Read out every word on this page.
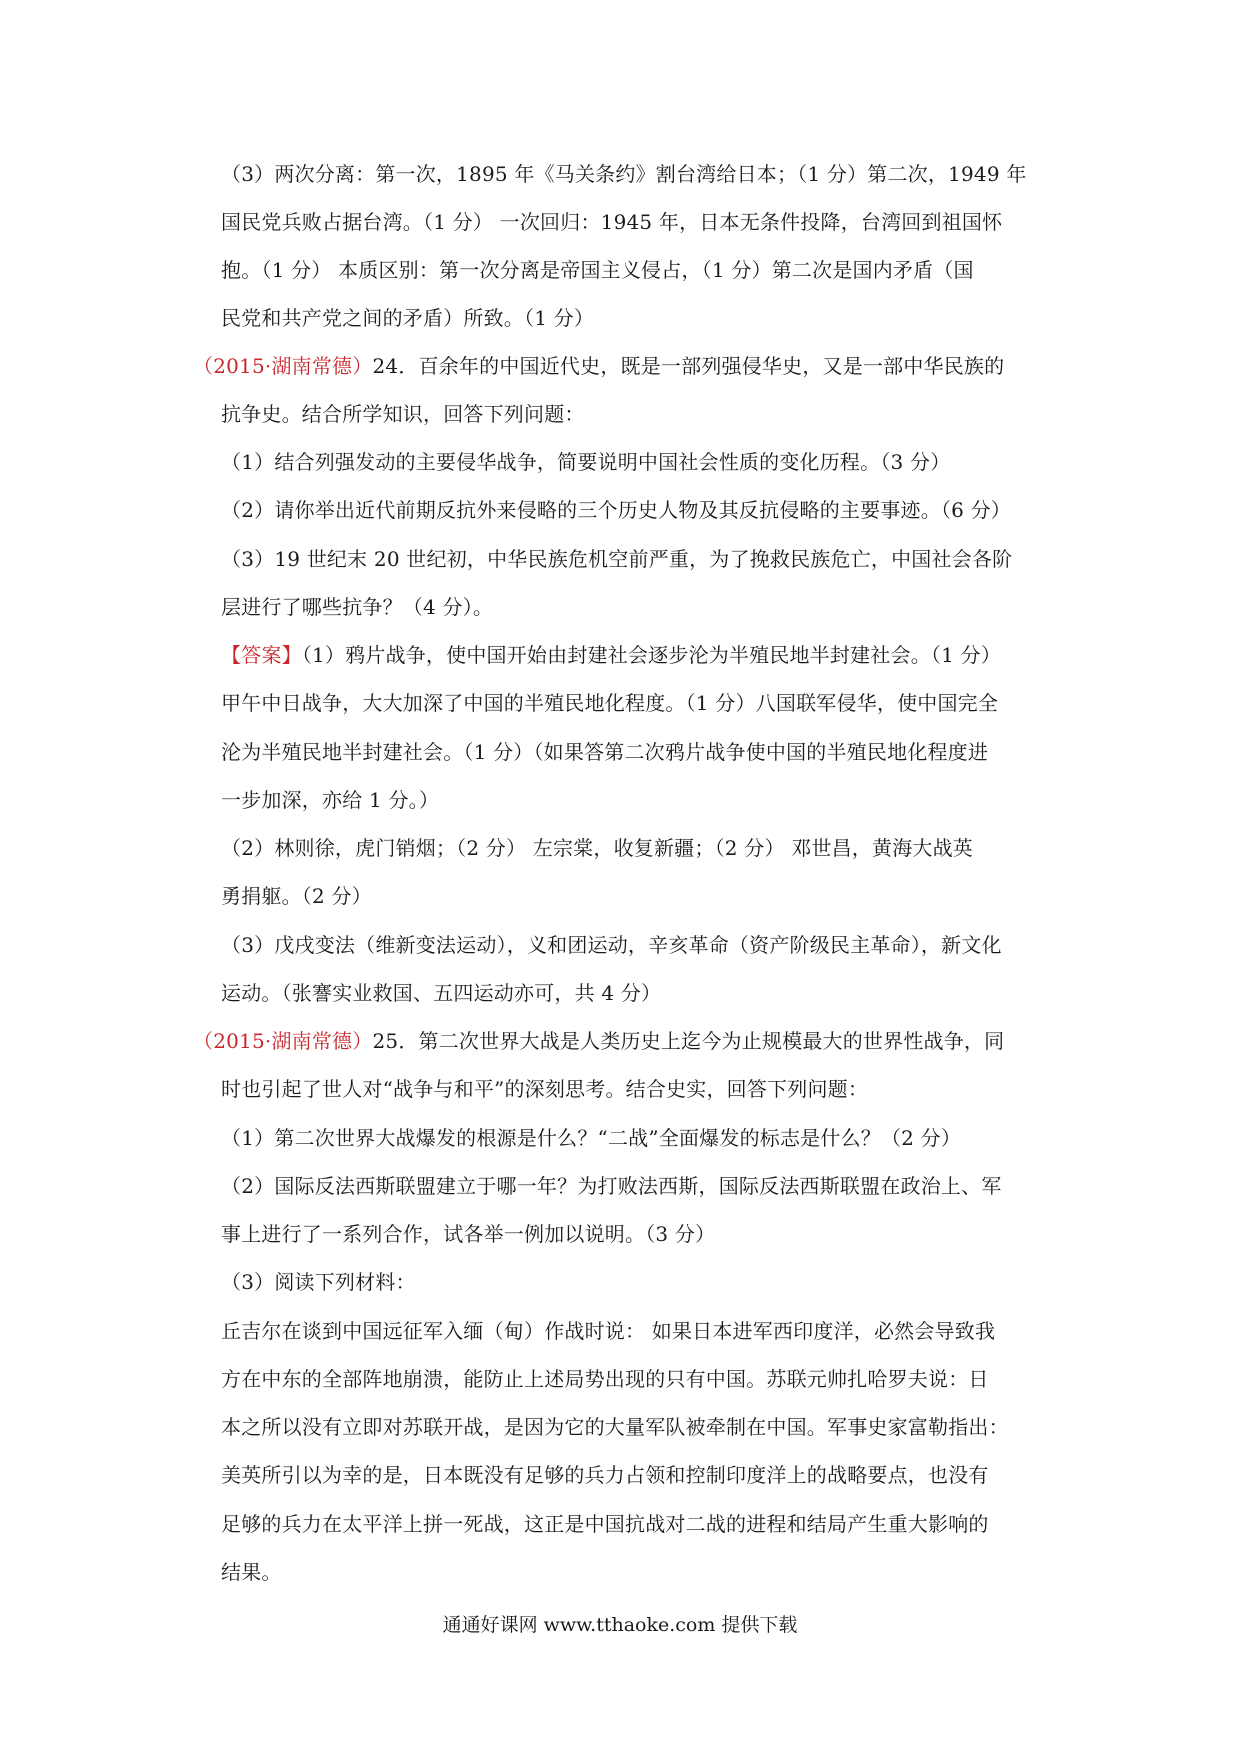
（3）两次分离：第一次，1895 年《马关条约》割台湾给日本；（1 分）第二次，1949 年
国民党兵败占据台湾。（1 分） 一次回归：1945 年，日本无条件投降，台湾回到祖国怀
抱。（1 分） 本质区别：第一次分离是帝国主义侵占，（1 分）第二次是国内矛盾（国
民党和共产党之间的矛盾）所致。（1 分）
（2015·湖南常德）24．百余年的中国近代史，既是一部列强侵华史，又是一部中华民族的
抗争史。结合所学知识，回答下列问题：
（1）结合列强发动的主要侵华战争，简要说明中国社会性质的变化历程。（3 分）
（2）请你举出近代前期反抗外来侵略的三个历史人物及其反抗侵略的主要事迹。（6 分）
（3）19 世纪末 20 世纪初，中华民族危机空前严重，为了挽救民族危亡，中国社会各阶
层进行了哪些抗争？（4 分）。
【答案】（1）鸦片战争，使中国开始由封建社会逐步沦为半殖民地半封建社会。（1 分）
甲午中日战争，大大加深了中国的半殖民地化程度。（1 分）八国联军侵华，使中国完全
沦为半殖民地半封建社会。（1 分）（如果答第二次鸦片战争使中国的半殖民地化程度进
一步加深，亦给 1 分。）
（2）林则徐，虎门销烟；（2 分） 左宗棠，收复新疆；（2 分） 邓世昌，黄海大战英
勇捐躯。（2 分）
（3）戊戌变法（维新变法运动），义和团运动，辛亥革命（资产阶级民主革命），新文化
运动。（张謇实业救国、五四运动亦可，共 4 分）
（2015·湖南常德）25．第二次世界大战是人类历史上迄今为止规模最大的世界性战争，同
时也引起了世人对“战争与和平”的深刻思考。结合史实，回答下列问题：
（1）第二次世界大战爆发的根源是什么？“二战”全面爆发的标志是什么？（2 分）
（2）国际反法西斯联盟建立于哪一年？为打败法西斯，国际反法西斯联盟在政治上、军
事上进行了一系列合作，试各举一例加以说明。（3 分）
（3）阅读下列材料：
丘吉尔在谈到中国远征军入缅（甸）作战时说： 如果日本进军西印度洋，必然会导致我
方在中东的全部阵地崩溃，能防止上述局势出现的只有中国。苏联元帅扎哈罗夫说：日
本之所以没有立即对苏联开战，是因为它的大量军队被牵制在中国。军事史家富勒指出：
美英所引以为幸的是，日本既没有足够的兵力占领和控制印度洋上的战略要点，也没有
足够的兵力在太平洋上拼一死战，这正是中国抗战对二战的进程和结局产生重大影响的
结果。
通通好课网 www.tthaoke.com 提供下载
